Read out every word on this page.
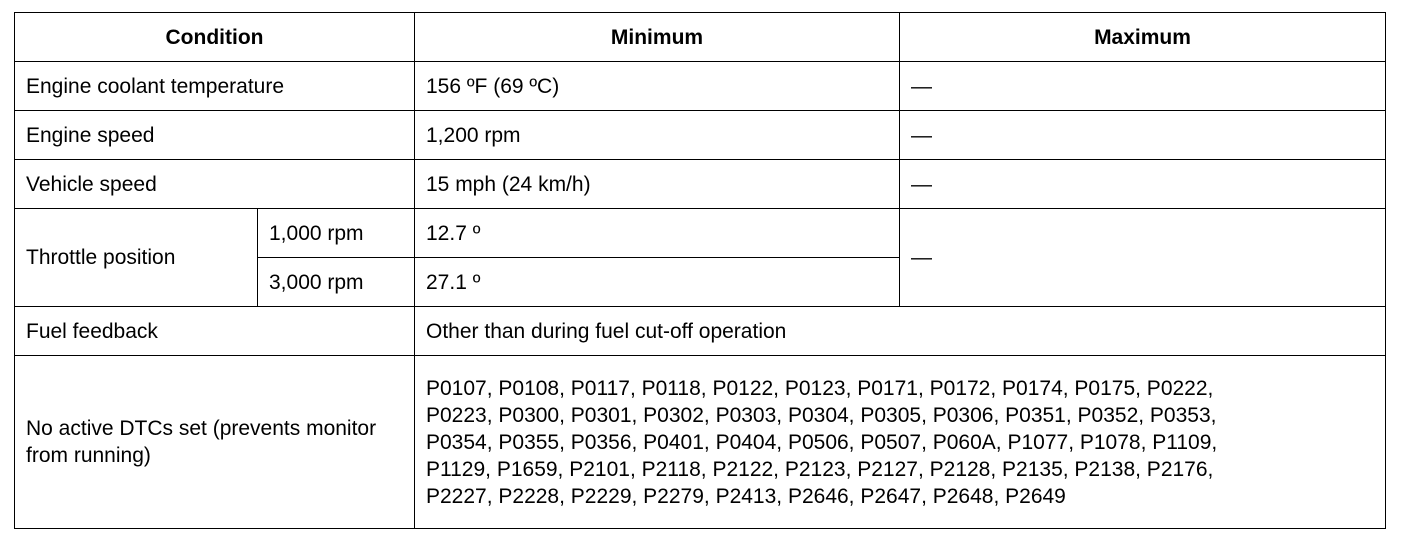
Condition		Minimum	Maximum
Engine coolant temperature		156 ºF (69 ºC)	—
Engine speed		1,200 rpm	—
Vehicle speed		15 mph (24 km/h)	—
Throttle position	1,000 rpm	12.7 º	—
	3,000 rpm	27.1 º	
Fuel feedback		Other than during fuel cut-off operation	
No active DTCs set (prevents monitor from running)		P0107, P0108, P0117, P0118, P0122, P0123, P0171, P0172, P0174, P0175, P0222,
P0223, P0300, P0301, P0302, P0303, P0304, P0305, P0306, P0351, P0352, P0353,
P0354, P0355, P0356, P0401, P0404, P0506, P0507, P060A, P1077, P1078, P1109,
P1129, P1659, P2101, P2118, P2122, P2123, P2127, P2128, P2135, P2138, P2176,
P2227, P2228, P2229, P2279, P2413, P2646, P2647, P2648, P2649	
